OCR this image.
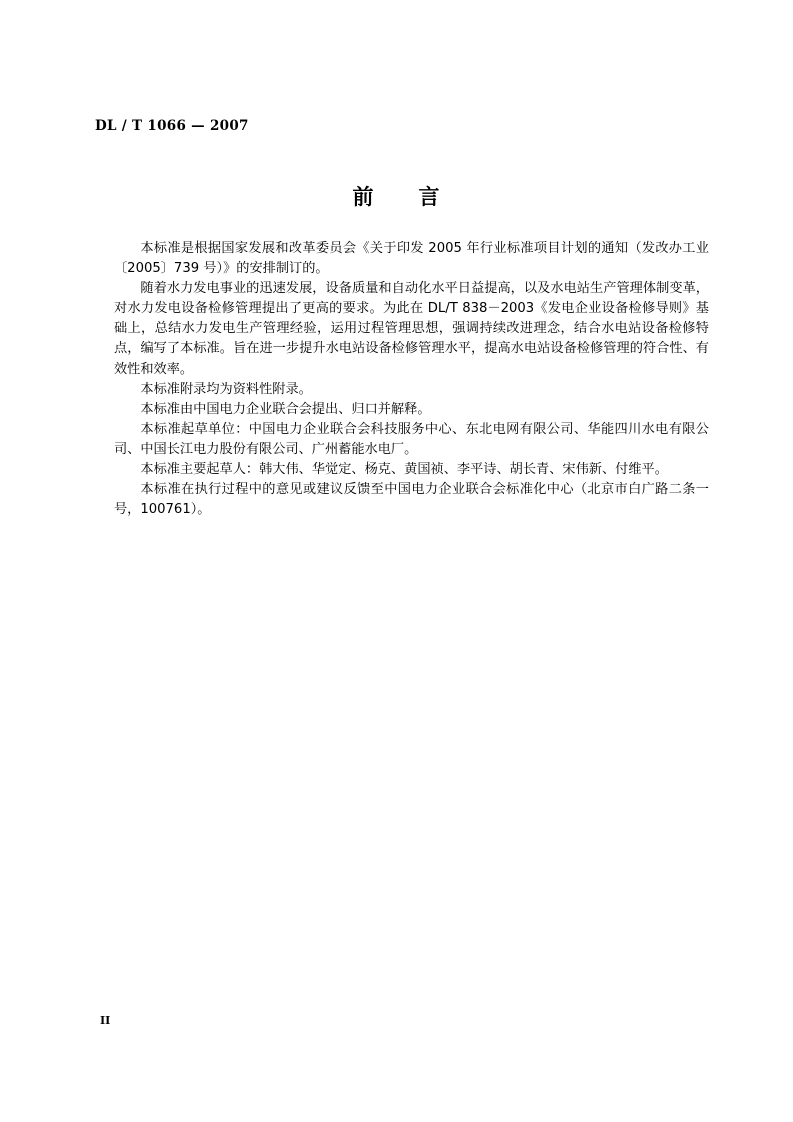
DL / T 1066 — 2007
前　　言

本标准是根据国家发展和改革委员会《关于印发 2005 年行业标准项目计划的通知（发改办工业〔2005〕739 号）》的安排制订的。

随着水力发电事业的迅速发展，设备质量和自动化水平日益提高，以及水电站生产管理体制变革，对水力发电设备检修管理提出了更高的要求。为此在 DL/T 838－2003《发电企业设备检修导则》基础上，总结水力发电生产管理经验，运用过程管理思想，强调持续改进理念，结合水电站设备检修特点，编写了本标准。旨在进一步提升水电站设备检修管理水平，提高水电站设备检修管理的符合性、有效性和效率。

本标准附录均为资料性附录。

本标准由中国电力企业联合会提出、归口并解释。

本标准起草单位：中国电力企业联合会科技服务中心、东北电网有限公司、华能四川水电有限公司、中国长江电力股份有限公司、广州蓄能水电厂。

本标准主要起草人：韩大伟、华觉定、杨克、黄国祯、李平诗、胡长青、宋伟新、付维平。

本标准在执行过程中的意见或建议反馈至中国电力企业联合会标准化中心（北京市白广路二条一号，100761）。

II
